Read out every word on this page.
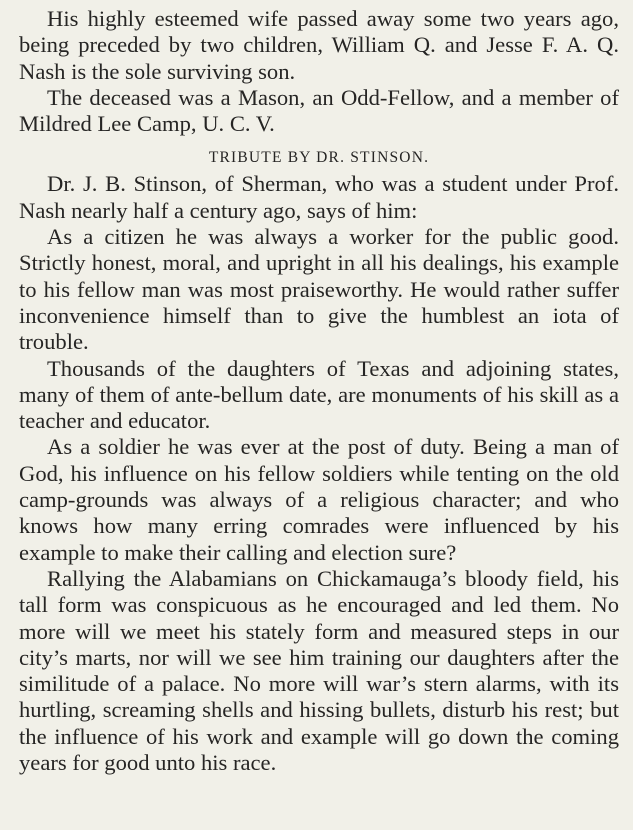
His highly esteemed wife passed away some two years ago, being preceded by two children, William Q. and Jesse F. A. Q. Nash is the sole surviving son.

The deceased was a Mason, an Odd-Fellow, and a member of Mildred Lee Camp, U. C. V.

TRIBUTE BY DR. STINSON.

Dr. J. B. Stinson, of Sherman, who was a student under Prof. Nash nearly half a century ago, says of him:

As a citizen he was always a worker for the public good. Strictly honest, moral, and upright in all his dealings, his example to his fellow man was most praiseworthy. He would rather suffer inconvenience himself than to give the humblest an iota of trouble.

Thousands of the daughters of Texas and adjoining states, many of them of ante-bellum date, are monuments of his skill as a teacher and educator.

As a soldier he was ever at the post of duty. Being a man of God, his influence on his fellow soldiers while tenting on the old camp-grounds was always of a religious character; and who knows how many erring comrades were influenced by his example to make their calling and election sure?

Rallying the Alabamians on Chickamauga’s bloody field, his tall form was conspicuous as he encouraged and led them. No more will we meet his stately form and measured steps in our city’s marts, nor will we see him training our daughters after the similitude of a palace. No more will war’s stern alarms, with its hurtling, screaming shells and hissing bullets, disturb his rest; but the influence of his work and example will go down the coming years for good unto his race.
